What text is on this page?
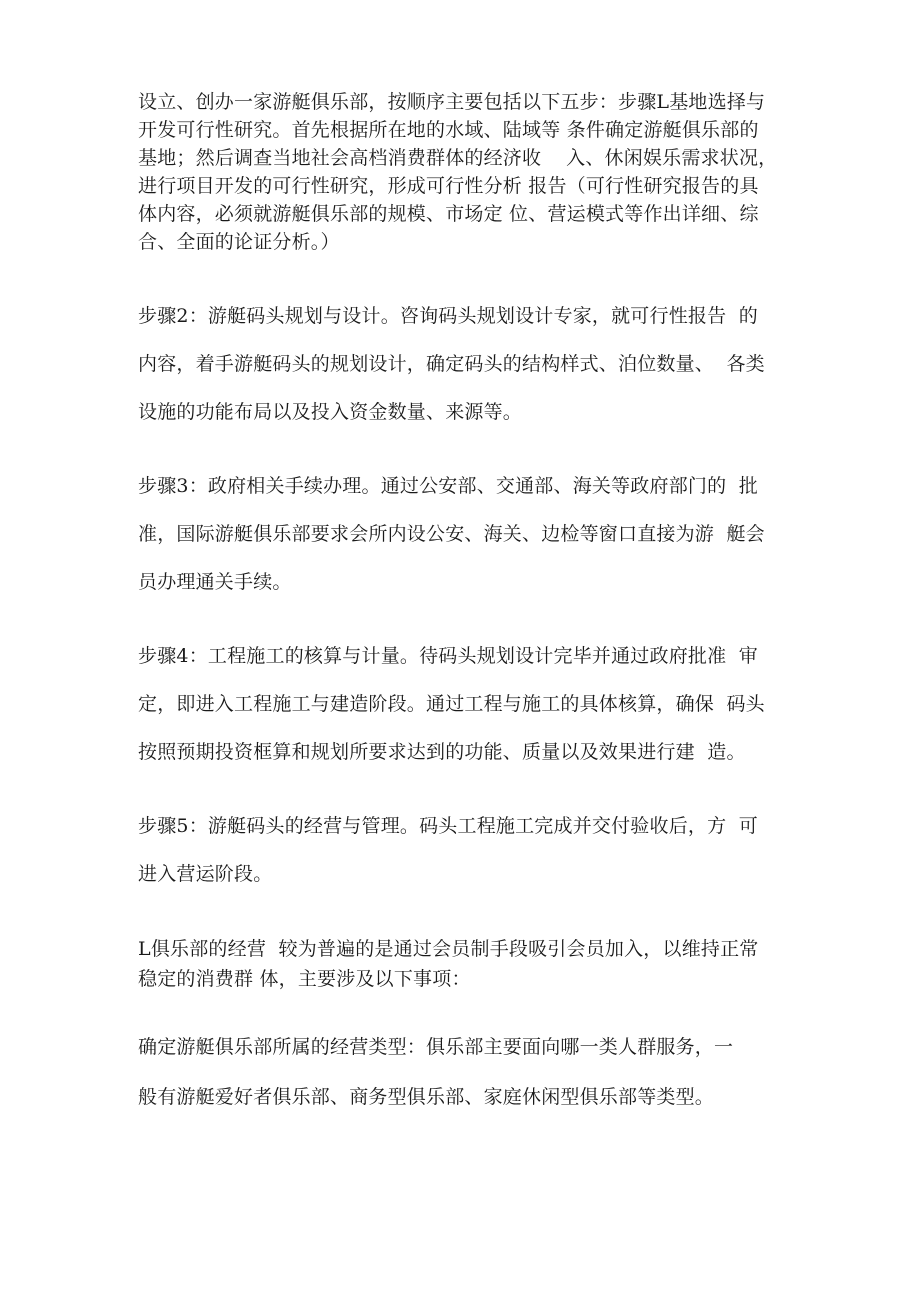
设立、创办一家游艇俱乐部，按顺序主要包括以下五步：步骤L基地选择与
开发可行性研究。首先根据所在地的水域、陆域等 条件确定游艇俱乐部的
基地；然后调查当地社会高档消费群体的经济收    入、休闲娱乐需求状况，
进行项目开发的可行性研究，形成可行性分析 报告（可行性研究报告的具
体内容，必须就游艇俱乐部的规模、市场定 位、营运模式等作出详细、综
合、全面的论证分析。）

步骤2：游艇码头规划与设计。咨询码头规划设计专家，就可行性报告  的
内容，着手游艇码头的规划设计，确定码头的结构样式、泊位数量、  各类
设施的功能布局以及投入资金数量、来源等。

步骤3：政府相关手续办理。通过公安部、交通部、海关等政府部门的  批
准，国际游艇俱乐部要求会所内设公安、海关、边检等窗口直接为游  艇会
员办理通关手续。

步骤4：工程施工的核算与计量。待码头规划设计完毕并通过政府批准  审
定，即进入工程施工与建造阶段。通过工程与施工的具体核算，确保  码头
按照预期投资框算和规划所要求达到的功能、质量以及效果进行建  造。

步骤5：游艇码头的经营与管理。码头工程施工完成并交付验收后，方  可
进入营运阶段。

L俱乐部的经营  较为普遍的是通过会员制手段吸引会员加入，以维持正常
稳定的消费群 体，主要涉及以下事项：

确定游艇俱乐部所属的经营类型：俱乐部主要面向哪一类人群服务，一
般有游艇爱好者俱乐部、商务型俱乐部、家庭休闲型俱乐部等类型。
